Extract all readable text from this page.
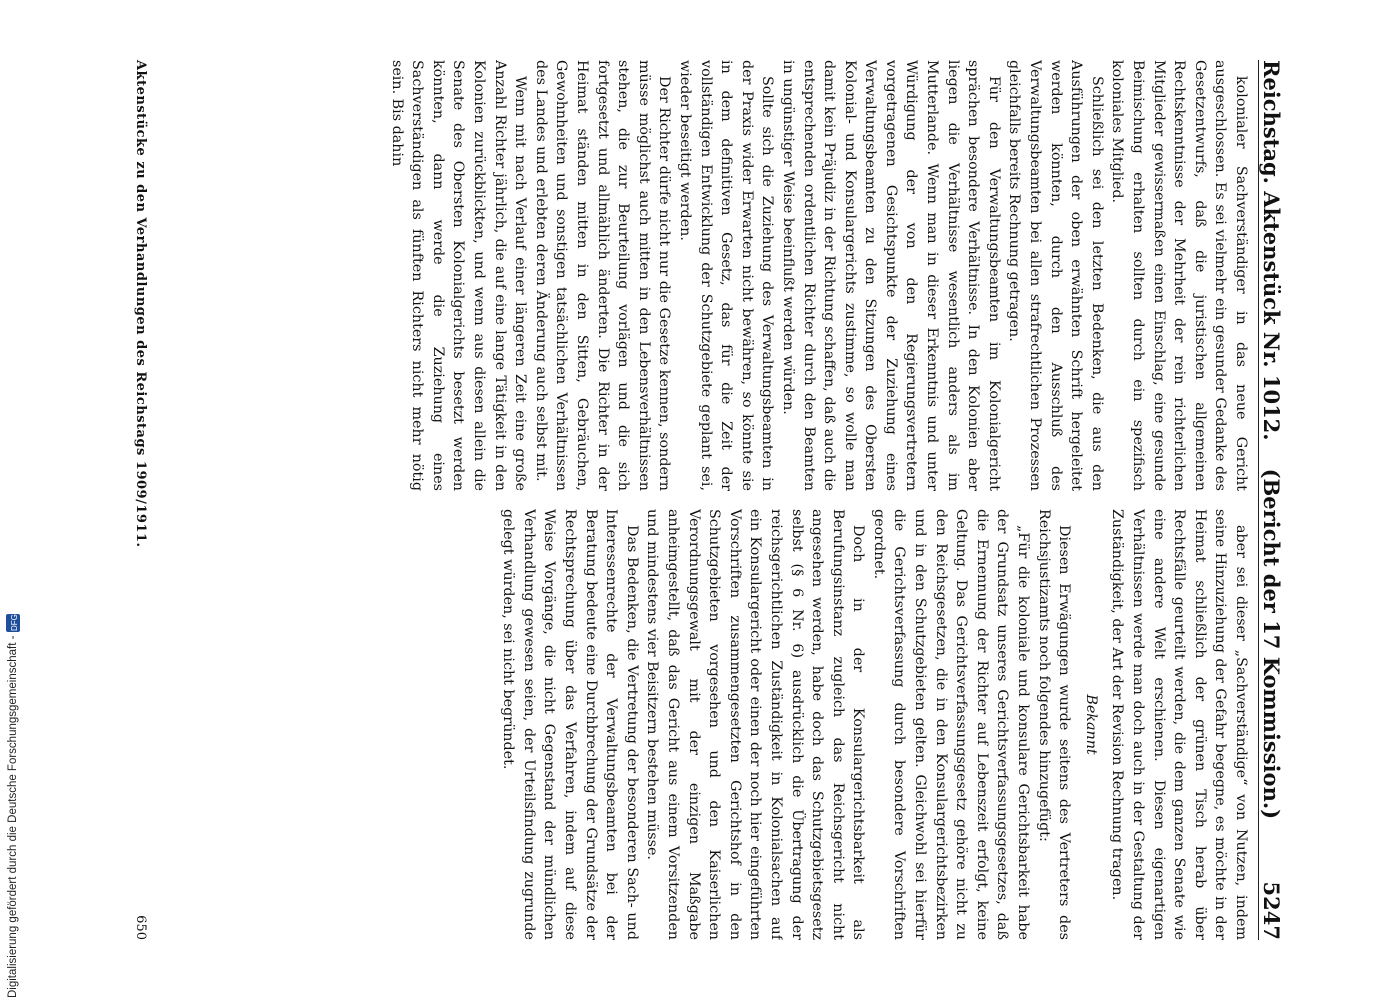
Reichstag. Aktenstück Nr. 1012.
(Bericht der 17 Kommission.)
5247

kolonialer Sachverständiger in das neue Gericht ausgeschlossen. Es sei vielmehr ein gesunder Gedanke des Gesetzentwurfs, daß die juristischen allgemeinen Rechtskenntnisse der Mehrheit der rein richterlichen Mitglieder gewissermaßen einen Einschlag, eine gesunde Beimischung erhalten sollten durch ein spezifisch koloniales Mitglied.

Schließlich sei den letzten Bedenken, die aus den Ausführungen der oben erwähnten Schrift hergeleitet werden könnten, durch den Ausschluß des Verwaltungsbeamten bei allen strafrechtlichen Prozessen gleichfalls bereits Rechnung getragen.

Für den Verwaltungsbeamten im Kolonialgericht sprächen besondere Verhältnisse. In den Kolonien aber liegen die Verhältnisse wesentlich anders als im Mutterlande. Wenn man in dieser Erkenntnis und unter Würdigung der von den Regierungsvertretern vorgetragenen Gesichtspunkte der Zuziehung eines Verwaltungsbeamten zu den Sitzungen des Obersten Kolonial- und Konsulargerichts zustimme, so wolle man damit kein Präjudiz in der Richtung schaffen, daß auch die entsprechenden ordentlichen Richter durch den Beamten in ungünstiger Weise beeinflußt werden würden.

Sollte sich die Zuziehung des Verwaltungsbeamten in der Praxis wider Erwarten nicht bewähren, so könnte sie in dem definitiven Gesetz, das für die Zeit der vollständigen Entwicklung der Schutzgebiete geplant sei, wieder beseitigt werden.

Der Richter dürfe nicht nur die Gesetze kennen, sondern müsse möglichst auch mitten in den Lebensverhältnissen stehen, die zur Beurteilung vorlägen und die sich fortgesetzt und allmählich änderten. Die Richter in der Heimat ständen mitten in den Sitten, Gebräuchen, Gewohnheiten und sonstigen tatsächlichen Verhältnissen des Landes und erlebten deren Änderung auch selbst mit.

Wenn mit nach Verlauf einer längeren Zeit eine große Anzahl Richter jährlich, die auf eine lange Tätigkeit in den Kolonien zurückblickten, und wenn aus diesen allein die Senate des Obersten Kolonialgerichts besetzt werden könnten, dann werde die Zuziehung eines Sachverständigen als fünften Richters nicht mehr nötig sein. Bis dahin

aber sei dieser „Sachverständige“ von Nutzen, indem seine Hinzuziehung der Gefahr begegne, es möchte in der Heimat schließlich der grünen Tisch herab über Rechtsfälle geurteilt werden, die dem ganzen Senate wie eine andere Welt erschienen. Diesen eigenartigen Verhältnissen werde man doch auch in der Gestaltung der Zuständigkeit, der Art der Revision Rechnung tragen.

Bekannt

Diesen Erwägungen wurde seitens des Vertreters des Reichsjustizamts noch folgendes hinzugefügt:

„Für die koloniale und konsulare Gerichtsbarkeit habe der Grundsatz unseres Gerichtsverfassungsgesetzes, daß die Ernennung der Richter auf Lebenszeit erfolgt, keine Geltung. Das Gerichtsverfassungsgesetz gehöre nicht zu den Reichsgesetzen, die in den Konsulargerichtsbezirken und in den Schutzgebieten gelten. Gleichwohl sei hierfür die Gerichtsverfassung durch besondere Vorschriften geordnet.

Doch in der Konsulargerichtsbarkeit als Berufungsinstanz zugleich das Reichsgericht nicht angesehen werden, habe doch das Schutzgebietsgesetz selbst (§ 6 Nr. 6) ausdrücklich die Übertragung der reichsgerichtlichen Zuständigkeit in Kolonialsachen auf ein Konsulargericht oder einen der noch hier eingeführten Vorschriften zusammengesetzten Gerichtshof in den Schutzgebieten vorgesehen und den Kaiserlichen Verordnungsgewalt mit der einzigen Maßgabe anheimgestellt, daß das Gericht aus einem Vorsitzenden und mindestens vier Beisitzern bestehen müsse.

Das Bedenken, die Vertretung der besonderen Sach- und Interessenrechte der Verwaltungsbeamten bei der Beratung bedeute eine Durchbrechung der Grundsätze der Rechtsprechung über das Verfahren, indem auf diese Weise Vorgänge, die nicht Gegenstand der mündlichen Verhandlung gewesen seien, der Urteilsfindung zugrunde gelegt würden, sei nicht begründet.

Aktenstücke zu den Verhandlungen des Reichstags 1909/1911.
650
Digitalisierung gefördert durch die Deutsche Forschungsgemeinschaft -
DFG
